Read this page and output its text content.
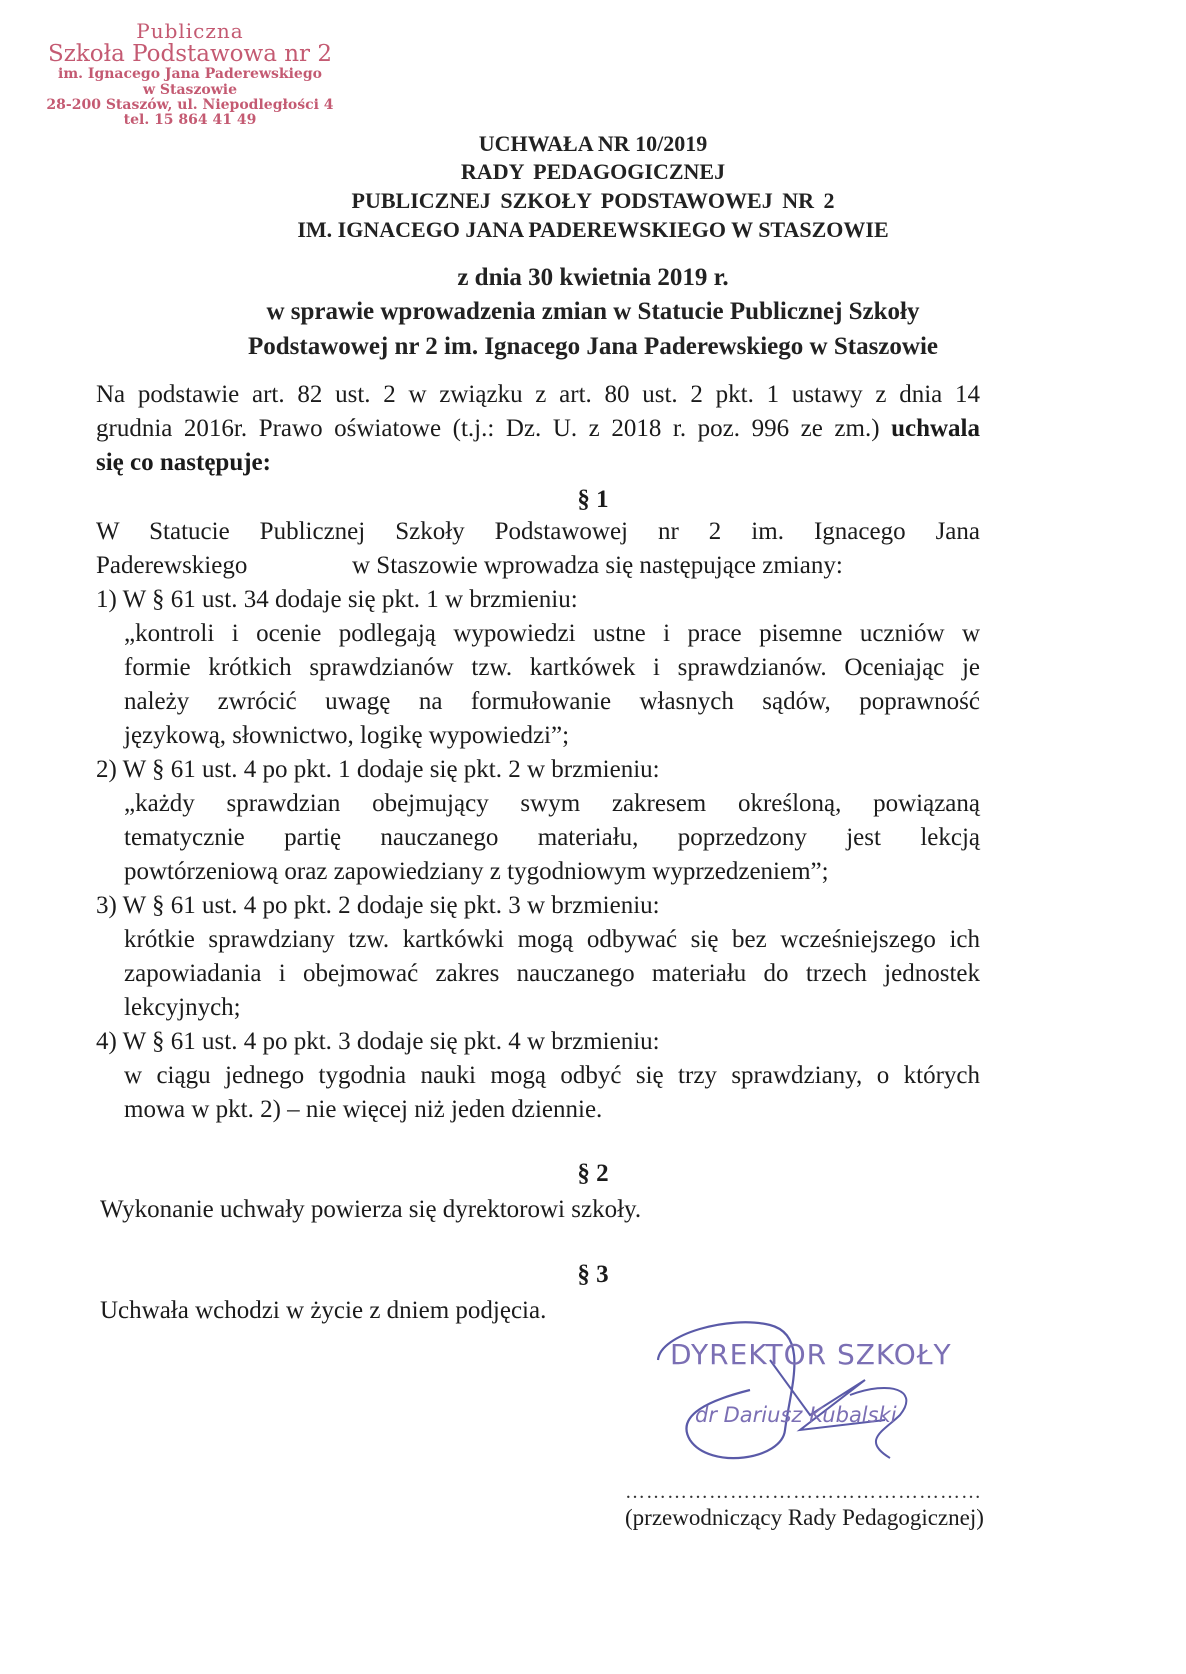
Publiczna
Szkoła Podstawowa nr 2
im. Ignacego Jana Paderewskiego
w Staszowie
28-200 Staszów, ul. Niepodległości 4
tel. 15 864 41 49
UCHWAŁA NR 10/2019
RADY PEDAGOGICZNEJ
PUBLICZNEJ SZKOŁY PODSTAWOWEJ NR 2
IM. IGNACEGO JANA PADEREWSKIEGO W STASZOWIE
z dnia 30 kwietnia 2019 r.
w sprawie wprowadzenia zmian w Statucie Publicznej Szkoły
Podstawowej nr 2 im. Ignacego Jana Paderewskiego w Staszowie
Na podstawie art. 82 ust. 2 w związku z art. 80 ust. 2 pkt. 1 ustawy z dnia 14
grudnia 2016r. Prawo oświatowe (t.j.: Dz. U. z 2018 r. poz. 996 ze zm.) uchwala
się co następuje:
§ 1
W Statucie Publicznej Szkoły Podstawowej nr 2 im. Ignacego Jana
Paderewskiego	w Staszowie wprowadza się następujące zmiany:
1) W § 61 ust. 34 dodaje się pkt. 1 w brzmieniu:
„kontroli i ocenie podlegają wypowiedzi ustne i prace pisemne uczniów w
formie krótkich sprawdzianów tzw. kartkówek i sprawdzianów. Oceniając je
należy zwrócić uwagę na formułowanie własnych sądów, poprawność
językową, słownictwo, logikę wypowiedzi”;
2) W § 61 ust. 4 po pkt. 1 dodaje się pkt. 2 w brzmieniu:
„każdy sprawdzian obejmujący swym zakresem określoną, powiązaną
tematycznie partię nauczanego materiału, poprzedzony jest lekcją
powtórzeniową oraz zapowiedziany z tygodniowym wyprzedzeniem”;
3) W § 61 ust. 4 po pkt. 2 dodaje się pkt. 3 w brzmieniu:
krótkie sprawdziany tzw. kartkówki mogą odbywać się bez wcześniejszego ich
zapowiadania i obejmować zakres nauczanego materiału do trzech jednostek
lekcyjnych;
4) W § 61 ust. 4 po pkt. 3 dodaje się pkt. 4 w brzmieniu:
w ciągu jednego tygodnia nauki mogą odbyć się trzy sprawdziany, o których
mowa w pkt. 2) – nie więcej niż jeden dziennie.
§ 2
Wykonanie uchwały powierza się dyrektorowi szkoły.
§ 3
Uchwała wchodzi w życie z dniem podjęcia.
DYREKTOR SZKOŁY
dr Dariusz Kubalski
……………………………………………
(przewodniczący Rady Pedagogicznej)
